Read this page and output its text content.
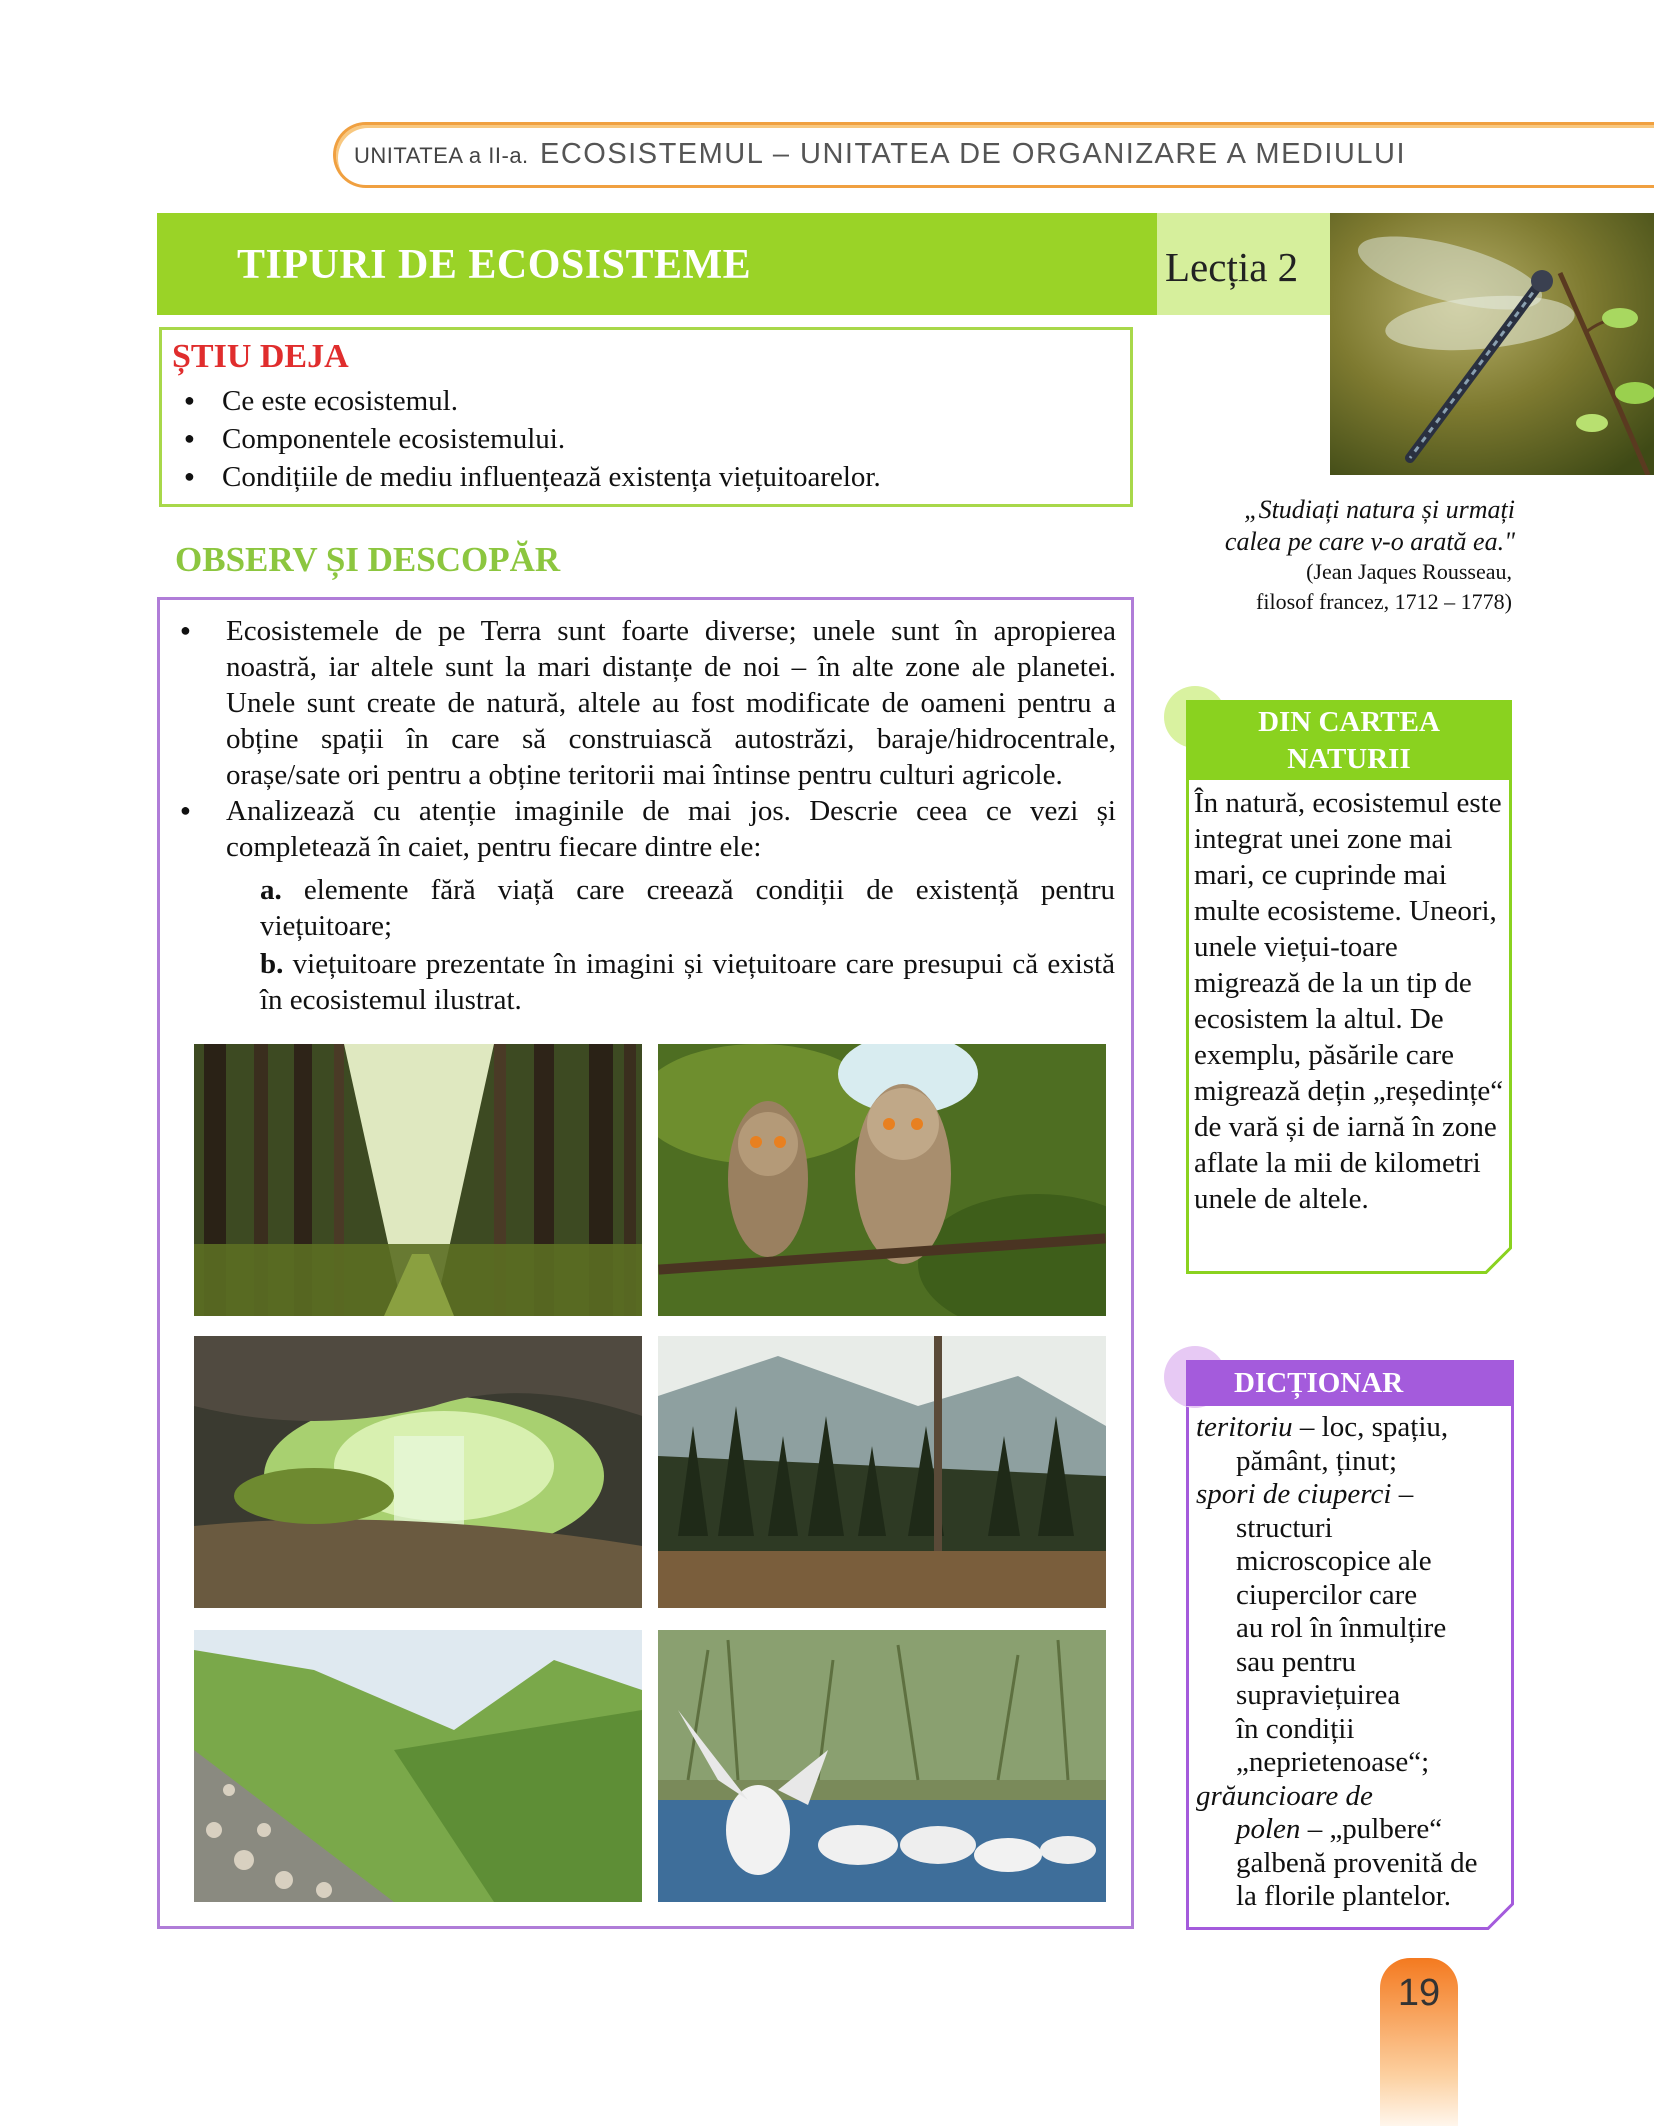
UNITATEA a II-a. ECOSISTEMUL – UNITATEA DE ORGANIZARE A MEDIULUI
TIPURI DE ECOSISTEME	Lecția 2
ȘTIU DEJA
● Ce este ecosistemul.
● Componentele ecosistemului.
● Condițiile de mediu influențează existența viețuitoarelor.
OBSERV ȘI DESCOPĂR
● Ecosistemele de pe Terra sunt foarte diverse; unele sunt în apropierea noastră, iar altele sunt la mari distanțe de noi – în alte zone ale planetei. Unele sunt create de natură, altele au fost modificate de oameni pentru a obține spații în care să construiască autostrăzi, baraje/hidrocentrale, orașe/sate ori pentru a obține teritorii mai întinse pentru culturi agricole.
● Analizează cu atenție imaginile de mai jos. Descrie ceea ce vezi și completează în caiet, pentru fiecare dintre ele:
a. elemente fără viață care creează condiții de existență pentru viețuitoare;
b. viețuitoare prezentate în imagini și viețuitoare care presupui că există în ecosistemul ilustrat.
„Studiați natura și urmați
calea pe care v-o arată ea."
(Jean Jaques Rousseau,
filosof francez, 1712 – 1778)
DIN CARTEA
NATURII
În natură, ecosistemul este integrat unei zone mai mari, ce cuprinde mai multe ecosisteme. Uneori, unele viețui-toare migrează de la un tip de ecosistem la altul. De exemplu, păsările care migrează dețin „reședințe“ de vară și de iarnă în zone aflate la mii de kilometri unele de altele.
DICȚIONAR
teritoriu – loc, spațiu,
pământ, ținut;
spori de ciuperci –
structuri
microscopice ale
ciupercilor care
au rol în înmulțire
sau pentru
supraviețuirea
în condiții
„neprietenoase“;
grăuncioare de
polen – „pulbere“
galbenă provenită de
la florile plantelor.
19
